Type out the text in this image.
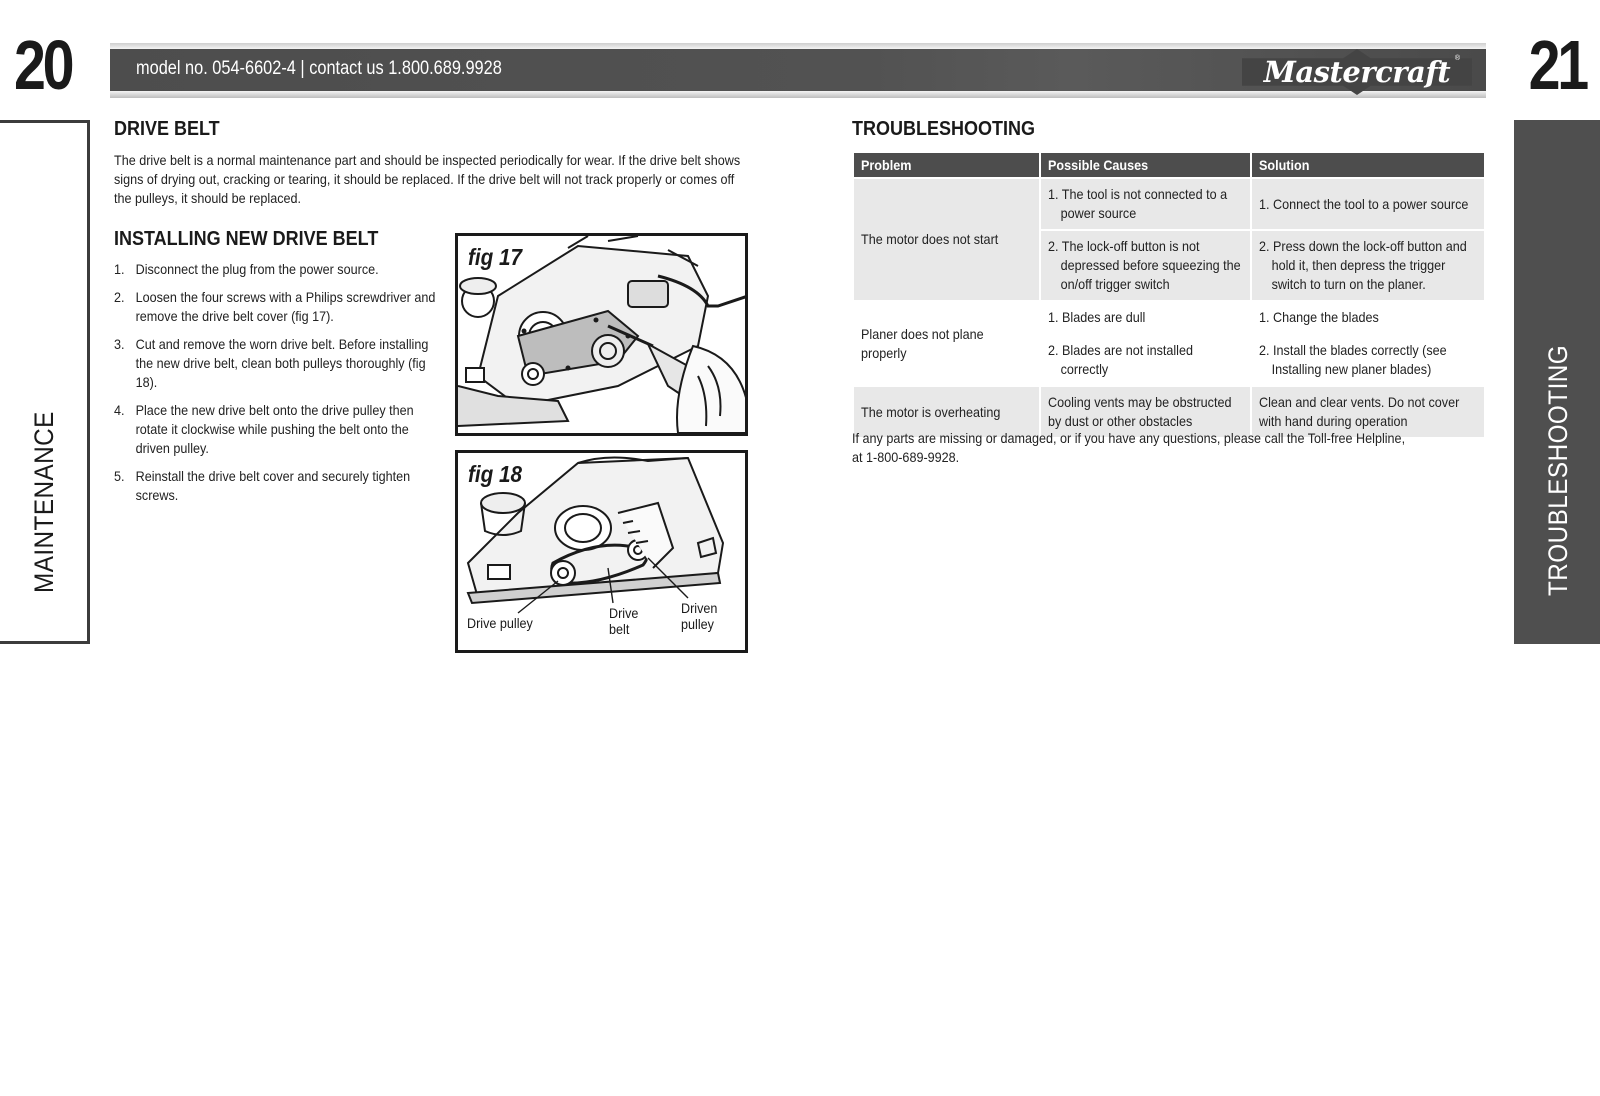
20	21
model no. 054-6602-4 | contact us 1.800.689.9928	Mastercraft ®
MAINTENANCE	TROUBLESHOOTING
DRIVE BELT
The drive belt is a normal maintenance part and should be inspected periodically for wear. If the drive belt shows signs of drying out, cracking or tearing, it should be replaced. If the drive belt will not track properly or comes off the pulleys, it should be replaced.
INSTALLING NEW DRIVE BELT
1. Disconnect the plug from the power source.
2. Loosen the four screws with a Philips screwdriver and remove the drive belt cover (fig 17).
3. Cut and remove the worn drive belt. Before installing the new drive belt, clean both pulleys thoroughly (fig 18).
4. Place the new drive belt onto the drive pulley then rotate it clockwise while pushing the belt onto the driven pulley.
5. Reinstall the drive belt cover and securely tighten screws.
fig 17
fig 18
Drive pulley
Drive belt
Driven pulley
TROUBLESHOOTING
Problem	Possible Causes	Solution

The motor does not start	1. The tool is not connected to a power source	1. Connect the tool to a power source

	2. The lock-off button is not depressed before squeezing the on/off trigger switch	2. Press down the lock-off button and hold it, then depress the trigger switch to turn on the planer.

Planer does not plane properly	1. Blades are dull	1. Change the blades

	2. Blades are not installed correctly	2. Install the blades correctly (see Installing new planer blades)

The motor is overheating	Cooling vents may be obstructed by dust or other obstacles	Clean and clear vents. Do not cover with hand during operation
If any parts are missing or damaged, or if you have any questions, please call the Toll-free Helpline, at 1-800-689-9928.
